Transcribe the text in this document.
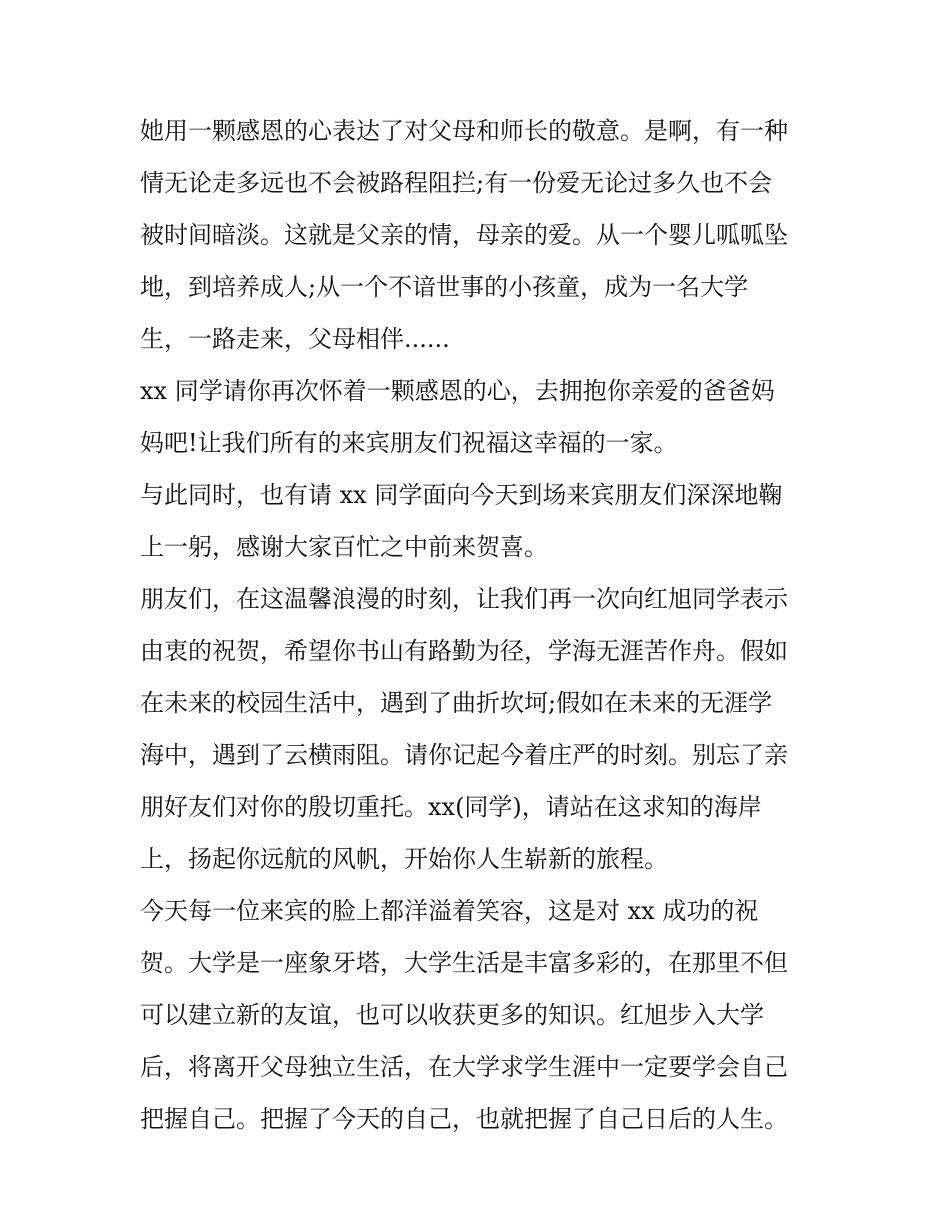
她用一颗感恩的心表达了对父母和师长的敬意。是啊，有一种

情无论走多远也不会被路程阻拦;有一份爱无论过多久也不会

被时间暗淡。这就是父亲的情，母亲的爱。从一个婴儿呱呱坠

地，到培养成人;从一个不谙世事的小孩童，成为一名大学

生，一路走来，父母相伴......

xx 同学请你再次怀着一颗感恩的心，去拥抱你亲爱的爸爸妈

妈吧!让我们所有的来宾朋友们祝福这幸福的一家。

与此同时，也有请 xx 同学面向今天到场来宾朋友们深深地鞠

上一躬，感谢大家百忙之中前来贺喜。

朋友们，在这温馨浪漫的时刻，让我们再一次向红旭同学表示

由衷的祝贺，希望你书山有路勤为径，学海无涯苦作舟。假如

在未来的校园生活中，遇到了曲折坎坷;假如在未来的无涯学

海中，遇到了云横雨阻。请你记起今着庄严的时刻。别忘了亲

朋好友们对你的殷切重托。xx(同学)，请站在这求知的海岸

上，扬起你远航的风帆，开始你人生崭新的旅程。

今天每一位来宾的脸上都洋溢着笑容，这是对 xx 成功的祝

贺。大学是一座象牙塔，大学生活是丰富多彩的，在那里不但

可以建立新的友谊，也可以收获更多的知识。红旭步入大学

后，将离开父母独立生活，在大学求学生涯中一定要学会自己

把握自己。把握了今天的自己，也就把握了自己日后的人生。
